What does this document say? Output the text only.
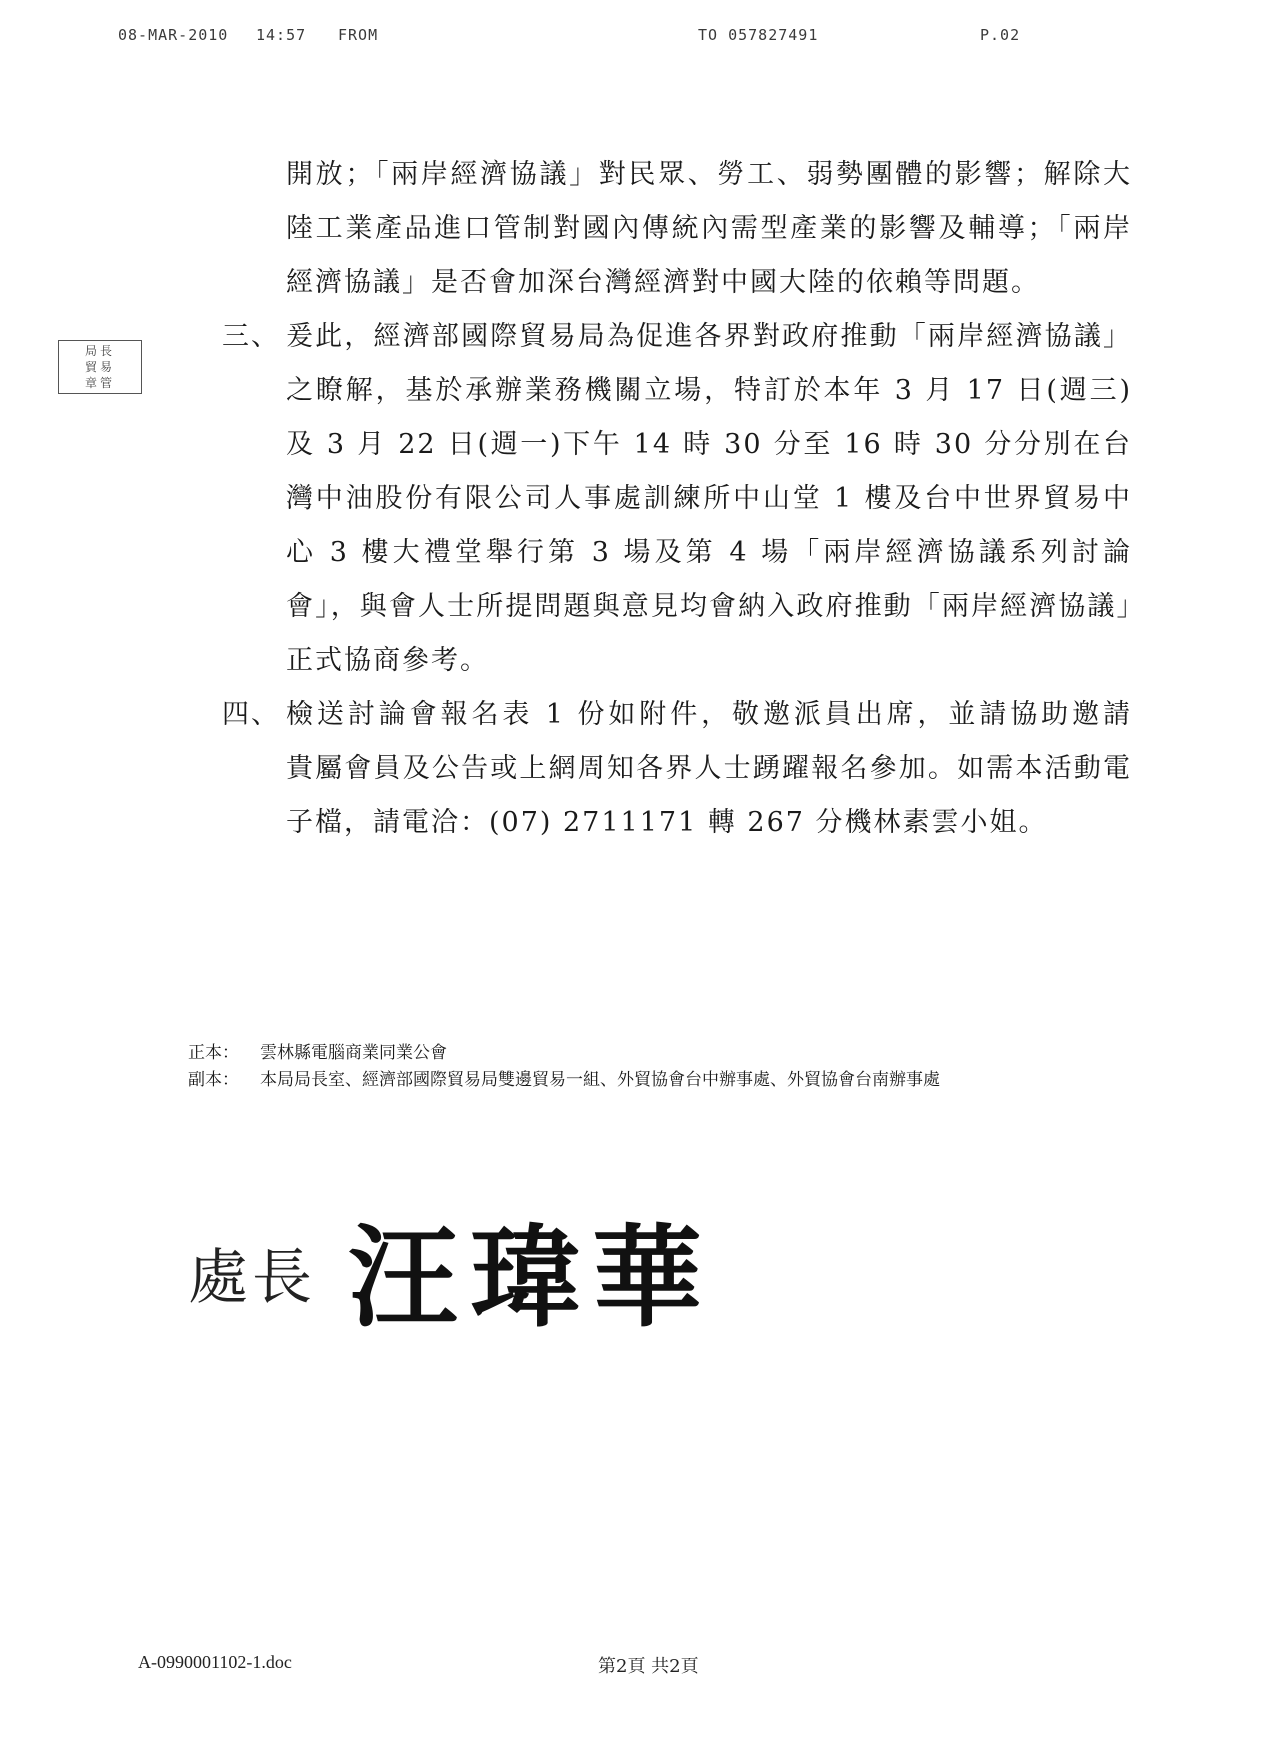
08-MAR-2010 14:57 FROM	TO 057827491	P.02
局長
貿易
章管
開放；「兩岸經濟協議」對民眾、勞工、弱勢團體的影響；解除大陸工業產品進口管制對國內傳統內需型產業的影響及輔導；「兩岸經濟協議」是否會加深台灣經濟對中國大陸的依賴等問題。
三、 爰此，經濟部國際貿易局為促進各界對政府推動「兩岸經濟協議」之瞭解，基於承辦業務機關立場，特訂於本年 3 月 17 日(週三)及 3 月 22 日(週一)下午 14 時 30 分至 16 時 30 分分別在台灣中油股份有限公司人事處訓練所中山堂 1 樓及台中世界貿易中心 3 樓大禮堂舉行第 3 場及第 4 場「兩岸經濟協議系列討論會」，與會人士所提問題與意見均會納入政府推動「兩岸經濟協議」正式協商參考。
四、 檢送討論會報名表 1 份如附件，敬邀派員出席，並請協助邀請　貴屬會員及公告或上網周知各界人士踴躍報名參加。如需本活動電子檔，請電洽：(07) 2711171 轉 267 分機林素雲小姐。
正本： 雲林縣電腦商業同業公會
副本： 本局局長室、經濟部國際貿易局雙邊貿易一組、外貿協會台中辦事處、外貿協會台南辦事處
處長 汪瑋華
A-0990001102-1.doc	第2頁 共2頁
